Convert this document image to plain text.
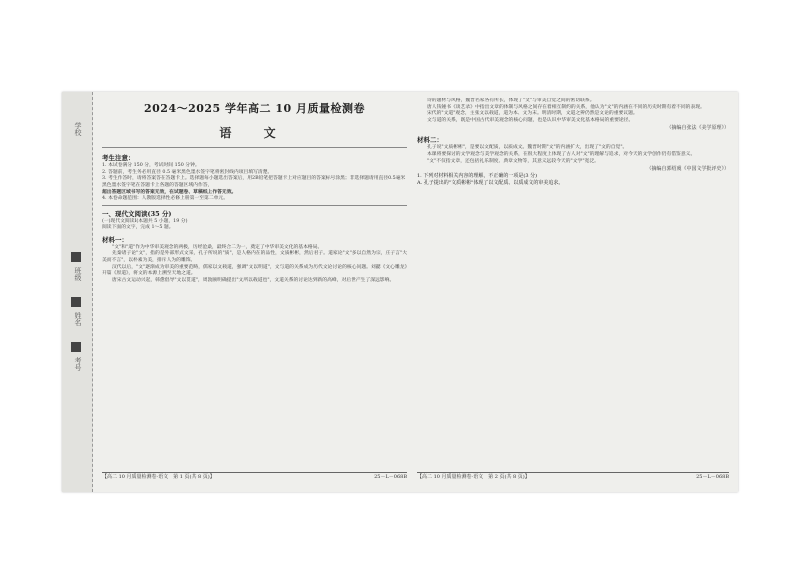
学校
班级
姓名
考号
2024～2025 学年高二 10 月质量检测卷
语 文
考生注意：
1. 本试卷满分 150 分，考试时间 150 分钟。
2. 答题前，考生务必用直径 0.5 毫米黑色墨水签字笔将密封线内项目填写清楚。
3. 考生作答时，请将答案答在答题卡上。选择题每小题选出答案后，用2B铅笔把答题卡上对应题目的答案标号涂黑；非选择题请用直径0.5毫米黑色墨水签字笔在答题卡上各题的答题区域内作答，
超出答题区域书写的答案无效，在试题卷、草稿纸上作答无效。
4. 本卷命题范围：人教版选择性必修上册第一至第二单元。
一、现代文阅读(35 分)
(一)现代文阅读Ⅰ(本题共 5 小题，19 分)
阅读下面的文字，完成 1～5 题。
材料一：

"文"和"道"作为中华审美观念的两极，历经沧桑，最终合二为一，奠定了中华审美文化的基本格局。

先秦诸子论"文"，指的是外部形式文采，孔子所说的"质"，是人格内在的品性，文质彬彬，然后君子。道家论"文"多以自然为宗，庄子言"大美而不言"，以朴素为美，排斥人为的雕饰。

汉代以后，"文"逐渐成为审美的重要范畴，儒家以文载道，强调"文以明道"，文与道的关系成为历代文论讨论的核心问题。刘勰《文心雕龙》开篇《原道》，将文的本源上溯至天地之道。

唐宋古文运动兴起，韩愈倡导"文以贯道"，周敦颐明确提出"文所以载道也"，文道关系的讨论达到新的高峰，对后世产生了深远影响。

【高二 10 月质量检测卷·语文　第 1 页(共 8 页)】	25－L－068B

诗的题材与风格，魏晋名家各有所长，体现了"文"与审美自觉之间的密切联系。

唐人钱锺书《谈艺录》中指出文章的体制与风格之间存在着相互制约的关系，他认为"文"的内涵在不同的历史时期有着不同的表现。

宋代的"文道"观念，主张文以载道，道为本、文为末。明清时期，文道之辨仍然是文论的重要议题。

文与道的关系，既是中国古代审美观念的核心问题，也是认识中华审美文化基本格局的重要途径。

（摘编自张法《美学原理》）
材料二：

孔子说"文质彬彬"，是要以文配质，以质成文。魏晋时期"文"的内涵扩大，出现了"文的自觉"。

本课将要探讨的文学观念与美学观念的关系，在很大程度上体现了古人对"文"的理解与追求，对今天的文学创作仍有借鉴意义。

"文"不仅指文章，还包括礼乐制度、典章文物等，其意义远较今天的"文学"宽泛。

（摘编自郭绍虞《中国文学批评史》）
1. 下列对材料相关内容的理解，不正确的一项是(3 分)
A. 孔子提出的"文质彬彬"体现了以文配质、以质成文的审美追求。
【高二 10 月质量检测卷·语文　第 2 页(共 8 页)】	25－L－068B
